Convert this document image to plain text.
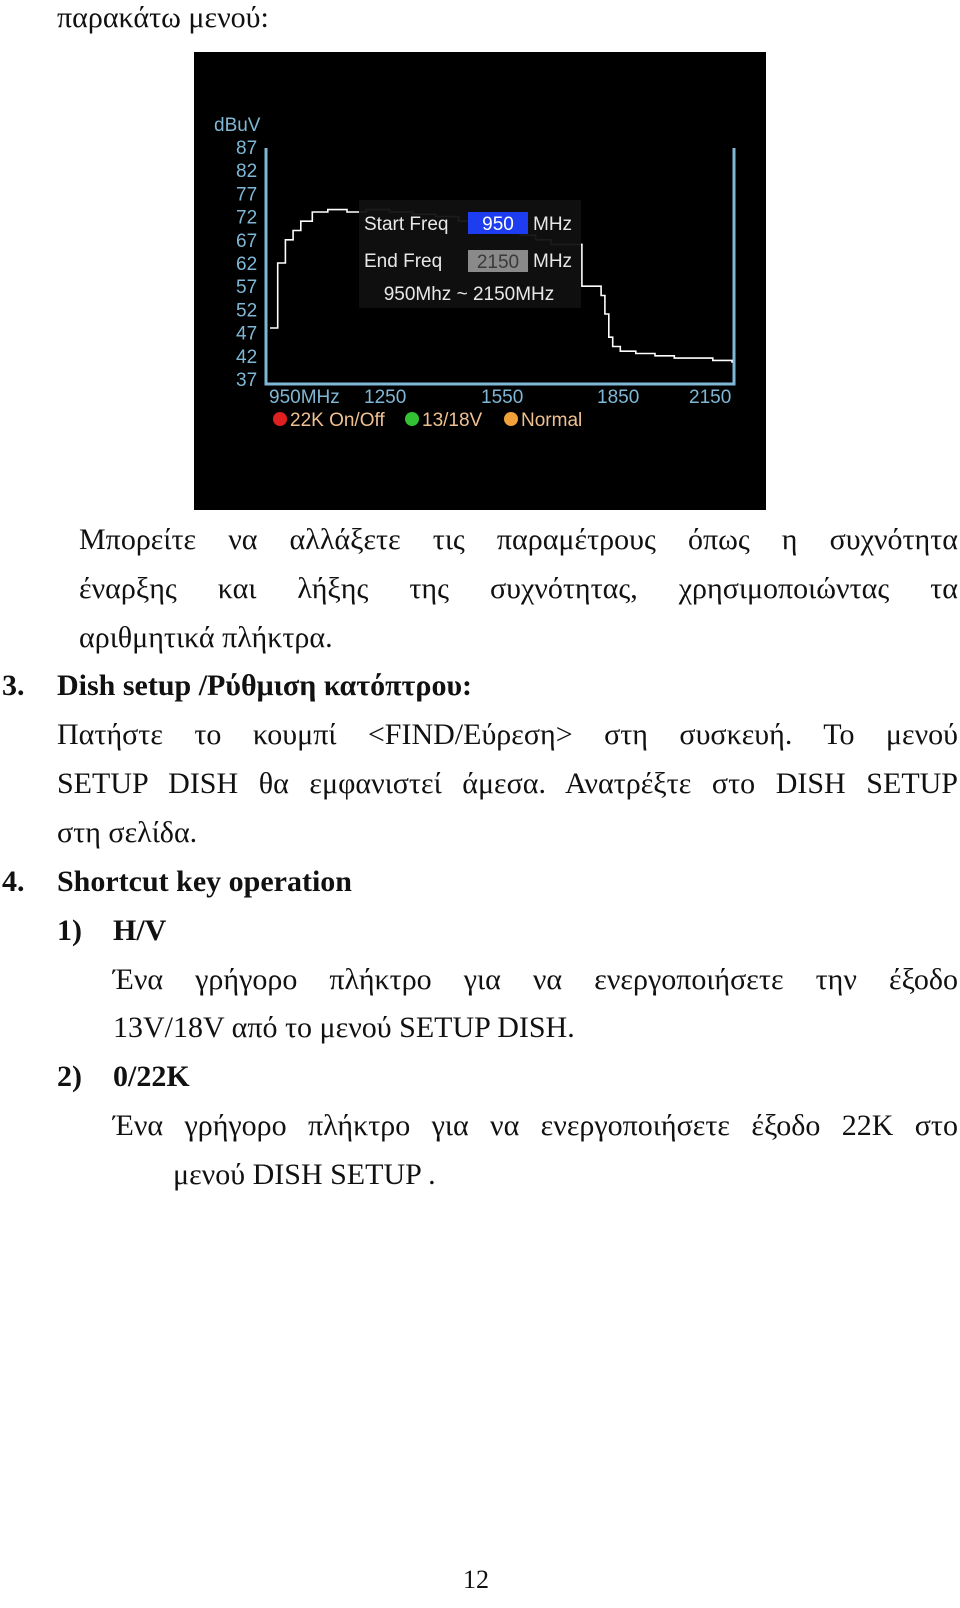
παρακάτω μενού:
dBuV
87
82
77
72
67
62
57
52
47
42
37
950MHz 1250	1550	1850	2150
Start Freq 950 MHz
End Freq 2150 MHz
950Mhz ~ 2150MHz
22K On/Off 13/18V Normal
Μπορείτε να αλλάξετε τις παραμέτρους όπως η συχνότητα
έναρξης και λήξης της συχνότητας, χρησιμοποιώντας τα
αριθμητικά πλήκτρα.
3. Dish setup /Ρύθμιση κατόπτρου:
Πατήστε το κουμπί <FIND/Εύρεση> στη συσκευή. Το μενού
SETUP DISH θα εμφανιστεί άμεσα. Ανατρέξτε στο DISH SETUP
στη σελίδα.
4. Shortcut key operation
1) H/V
Ένα γρήγορο πλήκτρο για να ενεργοποιήσετε την έξοδο
13V/18V από το μενού SETUP DISH.
2) 0/22K
Ένα γρήγορο πλήκτρο για να ενεργοποιήσετε έξοδο 22K στο
μενού DISH SETUP .
12
